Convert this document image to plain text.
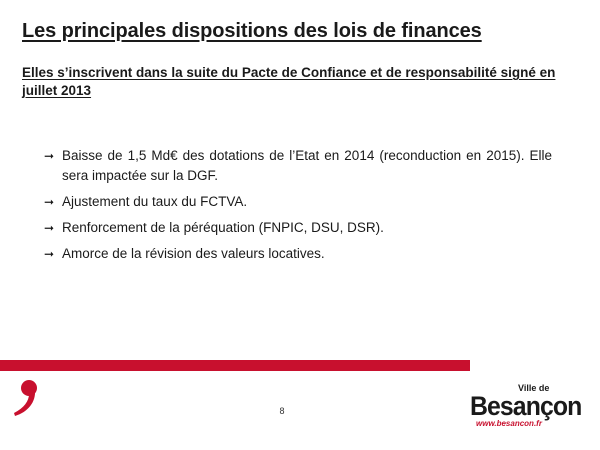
Les principales dispositions des lois de finances

Elles s’inscrivent dans la suite du Pacte de Confiance et de responsabilité signé en juillet 2013

➞ Baisse de 1,5 Md€ des dotations de l’Etat en 2014 (reconduction en 2015). Elle sera impactée sur la DGF.
➞ Ajustement du taux du FCTVA.
➞ Renforcement de la péréquation (FNPIC, DSU, DSR).
➞ Amorce de la révision des valeurs locatives.
8
Ville de
Besançon
www.besancon.fr
